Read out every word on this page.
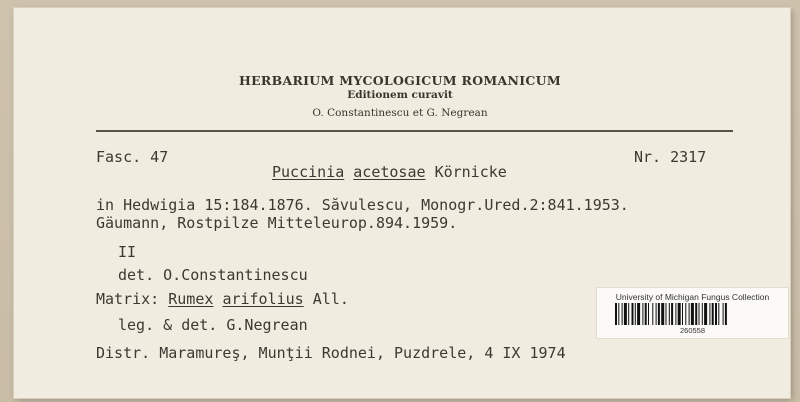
HERBARIUM MYCOLOGICUM ROMANICUM
Editionem curavit
O. Constantinescu et G. Negrean
Fasc. 47	Nr. 2317
Puccinia acetosae Körnicke
in Hedwigia 15:184.1876. Săvulescu, Monogr.Ured.2:841.1953.
Gäumann, Rostpilze Mitteleurop.894.1959.
II
det. O.Constantinescu
Matrix: Rumex arifolius All.
leg. & det. G.Negrean
Distr. Maramureş, Munţii Rodnei, Puzdrele, 4 IX 1974
University of Michigan Fungus Collection
260558
